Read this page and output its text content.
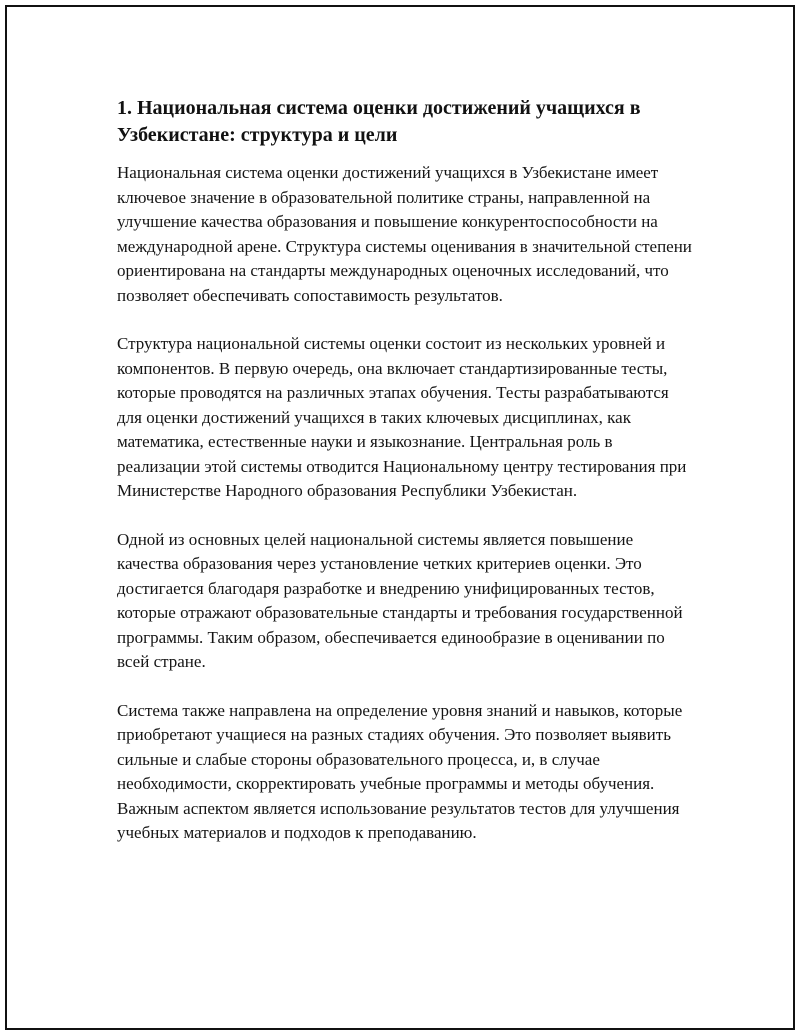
1. Национальная система оценки достижений учащихся в Узбекистане: структура и цели

Национальная система оценки достижений учащихся в Узбекистане имеет ключевое значение в образовательной политике страны, направленной на улучшение качества образования и повышение конкурентоспособности на международной арене. Структура системы оценивания в значительной степени ориентирована на стандарты международных оценочных исследований, что позволяет обеспечивать сопоставимость результатов.

Структура национальной системы оценки состоит из нескольких уровней и компонентов. В первую очередь, она включает стандартизированные тесты, которые проводятся на различных этапах обучения. Тесты разрабатываются для оценки достижений учащихся в таких ключевых дисциплинах, как математика, естественные науки и языкознание. Центральная роль в реализации этой системы отводится Национальному центру тестирования при Министерстве Народного образования Республики Узбекистан.

Одной из основных целей национальной системы является повышение качества образования через установление четких критериев оценки. Это достигается благодаря разработке и внедрению унифицированных тестов, которые отражают образовательные стандарты и требования государственной программы. Таким образом, обеспечивается единообразие в оценивании по всей стране.

Система также направлена на определение уровня знаний и навыков, которые приобретают учащиеся на разных стадиях обучения. Это позволяет выявить сильные и слабые стороны образовательного процесса, и, в случае необходимости, скорректировать учебные программы и методы обучения. Важным аспектом является использование результатов тестов для улучшения учебных материалов и подходов к преподаванию.
